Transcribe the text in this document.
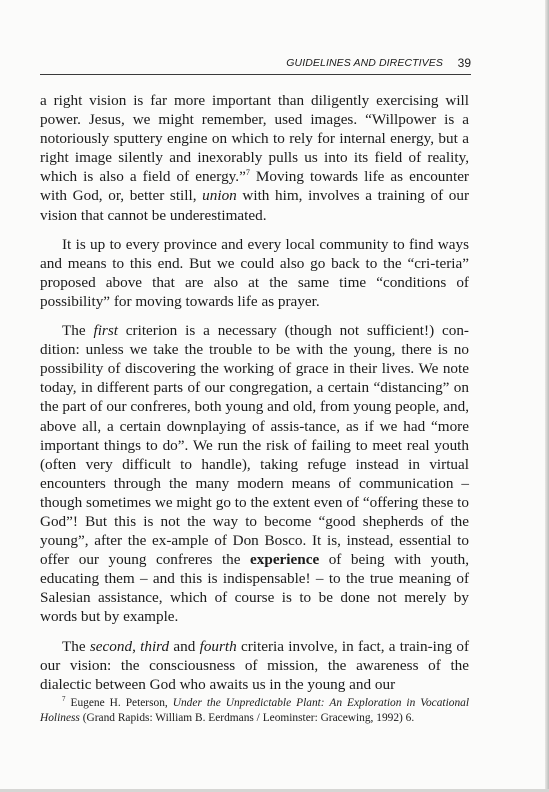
GUIDELINES AND DIRECTIVES 39

a right vision is far more important than diligently exercising will power. Jesus, we might remember, used images. “Willpower is a notoriously sputtery engine on which to rely for internal energy, but a right image silently and inexorably pulls us into its field of reality, which is also a field of energy.”$^7$ Moving towards life as encounter with God, or, better still, union with him, involves a training of our vision that cannot be underestimated.

It is up to every province and every local community to find ways and means to this end. But we could also go back to the “cri-teria” proposed above that are also at the same time “conditions of possibility” for moving towards life as prayer.

The first criterion is a necessary (though not sufficient!) con-dition: unless we take the trouble to be with the young, there is no possibility of discovering the working of grace in their lives. We note today, in different parts of our congregation, a certain “distancing” on the part of our confreres, both young and old, from young people, and, above all, a certain downplaying of assis-tance, as if we had “more important things to do”. We run the risk of failing to meet real youth (often very difficult to handle), taking refuge instead in virtual encounters through the many modern means of communication – though sometimes we might go to the extent even of “offering these to God”! But this is not the way to become “good shepherds of the young”, after the ex-ample of Don Bosco. It is, instead, essential to offer our young confreres the experience of being with youth, educating them – and this is indispensable! – to the true meaning of Salesian assistance, which of course is to be done not merely by words but by example.

The second, third and fourth criteria involve, in fact, a train-ing of our vision: the consciousness of mission, the awareness of the dialectic between God who awaits us in the young and our

$^7$ Eugene H. Peterson, Under the Unpredictable Plant: An Exploration in Vocational Holiness (Grand Rapids: William B. Eerdmans / Leominster: Gracewing, 1992) 6.
